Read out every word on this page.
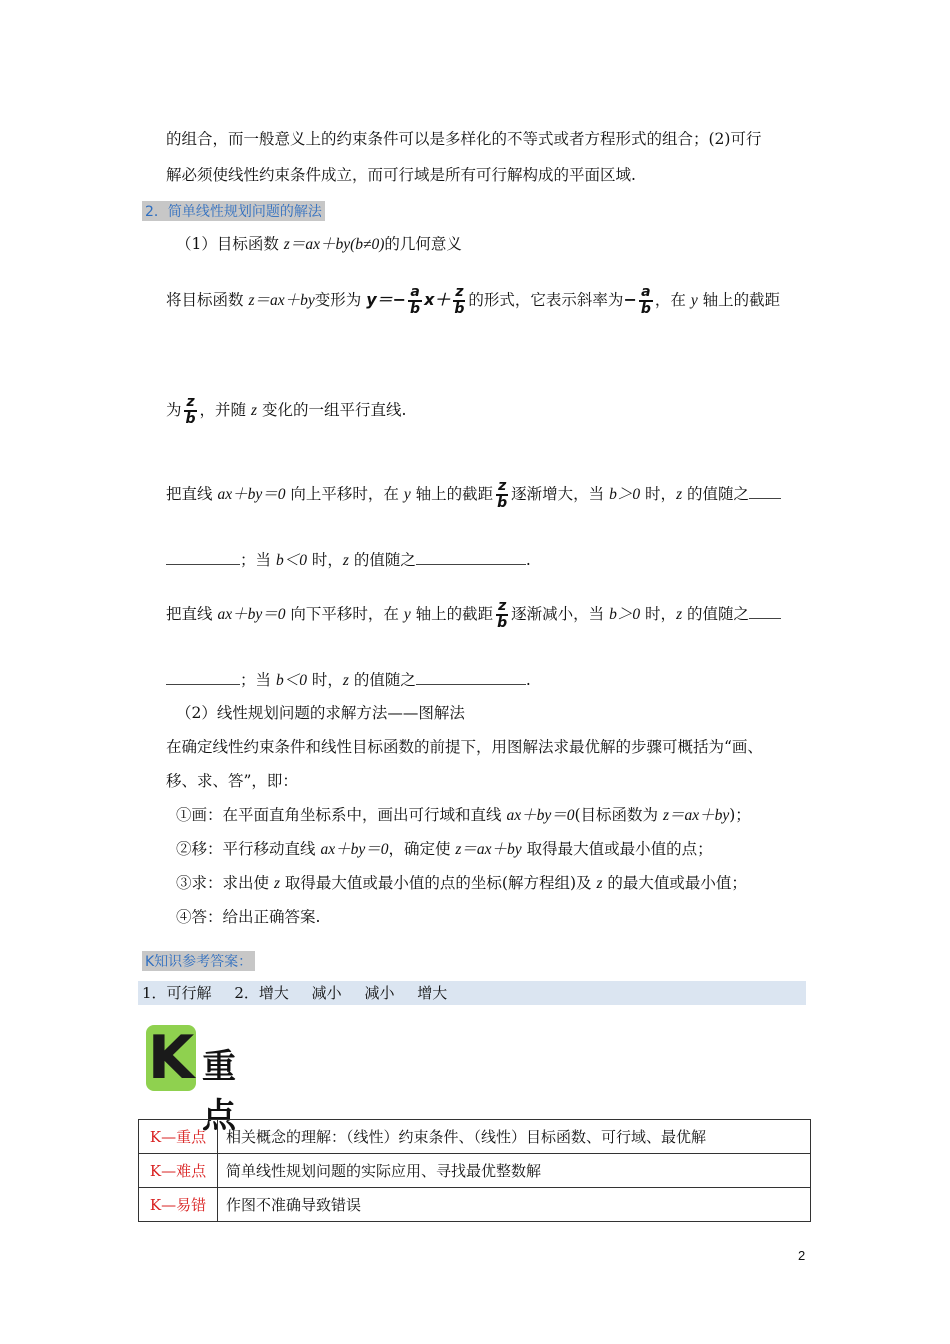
的组合，而一般意义上的约束条件可以是多样化的不等式或者方程形式的组合；(2)可行
解必须使线性约束条件成立，而可行域是所有可行解构成的平面区域.
2．简单线性规划问题的解法
（1）目标函数 z＝ax＋by(b≠0)的几何意义
将目标函数 z＝ax＋by变形为 $y=- \frac{a}{b} x+ \frac{z}{b}$ 的形式，它表示斜率为− $\frac{a}{b}$ ，在 y 轴上的截距
为 $\frac{z}{b}$ ，并随 z 变化的一组平行直线.
把直线 ax＋by＝0 向上平移时，在 y 轴上的截距 $\frac{z}{b}$ 逐渐增大，当 b＞0 时，z 的值随之
；当 b＜0 时，z 的值随之	.
把直线 ax＋by＝0 向下平移时，在 y 轴上的截距 $\frac{z}{b}$ 逐渐减小，当 b＞0 时，z 的值随之
；当 b＜0 时，z 的值随之	.
（2）线性规划问题的求解方法——图解法
在确定线性约束条件和线性目标函数的前提下，用图解法求最优解的步骤可概括为“画、
移、求、答”，即：
①画：在平面直角坐标系中，画出可行域和直线 ax＋by＝0(目标函数为 z＝ax＋by)；
②移：平行移动直线 ax＋by＝0，确定使 z＝ax＋by 取得最大值或最小值的点；
③求：求出使 z 取得最大值或最小值的点的坐标(解方程组)及 z 的最大值或最小值；
④答：给出正确答案.
K知识参考答案：
1．可行解 2．增大 减小 减小 增大
K 重点
K—重点	相关概念的理解：（线性）约束条件、（线性）目标函数、可行域、最优解
K—难点	简单线性规划问题的实际应用、寻找最优整数解
K—易错	作图不准确导致错误
2
